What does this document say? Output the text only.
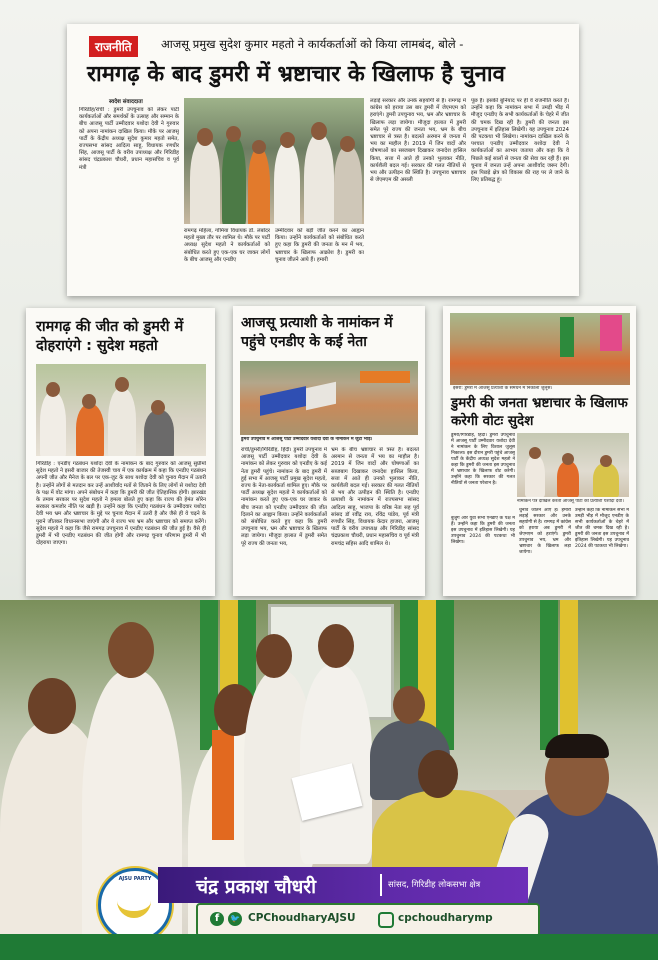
राजनीति	आजसू प्रमुख सुदेश कुमार महतो ने कार्यकर्ताओं को किया लामबंद, बोले -
रामगढ़ के बाद डुमरी में भ्रष्टाचार के खिलाफ है चुनाव
स्वदेश संवाददाता
गिरिडीह/रांची : डुमरी उपचुनाव को लेकर पार्टी कार्यकर्ताओं और समर्थकों के उत्साह और सम्मान के बीच आजसू पार्टी उम्मीदवार यशोदा देवी ने गुरुवार को अपना नामांकन दाखिल किया। मौके पर आजसू पार्टी के केंद्रीय अध्यक्ष सुदेश कुमार महतो समेत, राज्यसभा सांसद आदित्य साहू, विधायक रणधीर सिंह, आजसू पार्टी के वरीय उपाध्यक्ष और गिरिडीह सांसद चंद्रप्रकाश चौधरी, प्रधान महासचिव व पूर्व मंत्री
रामगढ़ महिला, गोमिया विधायक डॉ. लंबोदर महतो मुख्य तौर पर शामिल थे। मौके पर पार्टी अध्यक्ष सुदेश महतो ने कार्यकर्ताओं को संबोधित करते हुए एक-एक घर जाकर लोगों के बीच आजसू और एनडीए
उम्मीदवार को बड़ी जीत करने का आह्वान किया। उन्होंने कार्यकर्ताओं को संबोधित करते हुए कहा कि डुमरी की जनता के मन में भय, भ्रष्टाचार के खिलाफ आक्रोश है। डुमरी का चुनाव जीतने आये हैं। हमारी
लड़ाई सरकार और उनके सहयोगी से है। रामगढ़ में कांग्रेस को हराया उस बार डुमरी में जेएमएम को हराएंगे। डुमरी उपचुनाव भय, भ्रम और भ्रष्टाचार के खिलाफ लड़ा जायेगा। मौजूदा हालात में डुमरी समेत पूरे राज्य की जनता भय, भ्रम के बीच भ्रष्टाचार से त्रस्त है। बदलते अरमान से जनता में भय का माहौल है। 2019 में जिन वादों और घोषणाओं का सब्जबाग दिखाकर जनादेश हासिल किया, सत्ता में आते ही उनको भुलाकर नीति, कार्यशैली बदल गई। सरकार की गलत नीतियों से भय और उत्पीड़न की स्थिति है। उपचुनाव भ्रष्टाचार से जेएमएम की असली
पूंछ है। इसकी बुनियाद पर ही वे राजनीति करते हैं। उन्होंने कहा कि नामांकन सभा में उमड़ी भीड़ में मौजूद एनडीए के सभी कार्यकर्ताओं के चेहरे में जीत की चमक दिख रही है। डुमरी की जनता इस उपचुनाव में इतिहास लिखेगी। यह उपचुनाव 2024 की पटकथा भी लिखेगा। नामांकन दाखिल करने के पश्चात एनडीए उम्मीदवार यशोदा देवी ने कार्यकर्ताओं का आभार जताया और कहा कि वे पिछले कई सालों से जनता की सेवा कर रही हैं। इस चुनाव में जनता उन्हें अपना आशीर्वाद जरूर देगी। इस पिछड़े क्षेत्र को विकास की राह पर ले जाने के लिए प्रतिबद्ध हूं।
रामगढ़ की जीत को डुमरी में दोहराएंगे : सुदेश महतो
गिरिडीह : एनडीए गठबंधन यशोदा देवी के नामांकन के बाद गुरुवार को आजसू सुप्रीमो सुदेश महतो ने इसरी बाजार की तेजस्वी चाय में एक कार्यक्रम में कहा कि एनडीए गठबंधन अपनी जीत और मैनेज के बल पर एक-जुट के साथ यशोदा देवी को चुनाव मैदान में उतारी है। उन्होंने लोगों से मतदान कर उन्हें आशीर्वाद मतों से जिताने के लिए लोगों से यशोदा देवी के पक्ष में वोट मांगा। अपने संबोधन में कहा कि डुमरी की जीत ऐतिहासिक होगी। झारखंड के तमाम सरकार पर सुदेश महतो ने हमला बोलते हुए कहा कि राज्य की हेमंत सोरेन सरकार कमजोर नीति पर खड़ी है। उन्होंने कहा कि एनडीए गठबंधन के उम्मीदवार यशोदा देवी भय भ्रम और भ्रष्टाचार के मुद्दे पर चुनाव मैदान में उतरी है और जैसे ही वे चढ़ने के पुराने जीतकर विधानसभा जाएंगी और ये राज्य भय भ्रम और भ्रष्टाचार को समाप्त करेंगे। सुदेश महतो ने कहा कि जैसे रामगढ़ उपचुनाव में एनडीए गठबंधन की जीत हुई है। वैसे ही डुमरी में भी एनडीए गठबंधन की जीत होगी और रामगढ़ चुनाव परिणाम डुमरी में भी दोहराया जाएगा।
आजसू प्रत्याशी के नामांकन में पहुंचे एनडीए के कई नेता
डुमरी उपचुनाव में आजसू पार्टी उम्मीदवार यशोदा देवी के नामांकन में जुटी भीड़।
रांची/डुमरी/गिरिडीह, हिंदी। डुमरी उपचुनाव में आजसू पार्टी उम्मीदवार यशोदा देवी के नामांकन को लेकर गुरुवार को एनडीए के कई नेता डुमरी पहुंचे। नामांकन के बाद डुमरी में हुई सभा में आजसू पार्टी प्रमुख सुदेश महतो, राज्य के नेता-कार्यकर्ता शामिल हुए। मौके पर पार्टी अध्यक्ष सुदेश महतो ने कार्यकर्ताओं को नामांकन करते हुए एक-एक घर जाकर के बीच जनता को एनडीए उम्मीदवार की जीत दिलाने का आह्वान किया। उन्होंने कार्यकर्ताओं को संबोधित करते हुए कहा कि डुमरी उपचुनाव भय, भ्रम और भ्रष्टाचार के खिलाफ लड़ा जायेगा। मौजूदा हालात में डुमरी समेत पूरे राज्य की जनता भय,
भ्रम के बीच भ्रष्टाचार से त्रस्त है। बदलते अरमान से जनता में भय का माहौल है। 2019 में जिन वादों और घोषणाओं का सब्जबाग दिखाकर जनादेश हासिल किया, सत्ता में आते ही उनको भुलाकर नीति, कार्यशैली बदल गई। सरकार की गलत नीतियों से भय और उत्पीड़न की स्थिति है। एनडीए प्रत्याशी के नामांकन में राज्यसभा सांसद आदित्य साहू, भाजपा के वरिष्ठ नेता सह पूर्व सांसद डॉ रवींद्र राय, रविंद्र पांडेय, पूर्व मंत्री रणधीर सिंह, विधायक केदार हाजरा, आजसू पार्टी के वरीय उपाध्यक्ष और गिरिडीह सांसद चंद्रप्रकाश चौधरी, प्रधान महासचिव व पूर्व मंत्री रामचंद्र सहिस आदि शामिल थे।
इसरी: डुमरी में आजसू प्रत्याशी के समर्थन में निकाला जुलूस।
डुमरी की जनता भ्रष्टाचार के खिलाफ करेगी वोटः सुदेश
डुमरी/गिरिडीह, हिंदी। डुमरी उपचुनाव में आजसू पार्टी उम्मीदवार यशोदा देवी ने नामांकन के लिए विशाल जुलूस निकाला। इस दौरान डुमरी पहुंचे आजसू पार्टी के केंद्रीय अध्यक्ष सुदेश महतो ने कहा कि डुमरी की जनता इस उपचुनाव में भ्रष्टाचार के खिलाफ वोट करेगी। उन्होंने कहा कि सरकार की गलत नीतियों से जनता परेशान है।
नामांकन पत्र दाखिल करती आजसू पार्टी की प्रत्याशी यशोदा देवी।
बुजुर्ग और युवा सभी एनडीए के पक्ष में हैं। उन्होंने कहा कि डुमरी की जनता इस उपचुनाव में इतिहास लिखेगी। यह उपचुनाव 2024 की पटकथा भी लिखेगा।
चुनाव जीतने आए हैं। हमारी लड़ाई सरकार और उनके सहयोगी से है। रामगढ़ में कांग्रेस को हराया अब डुमरी में जेएमएम को हराएंगे। डुमरी उपचुनाव भय, भ्रम और भ्रष्टाचार के खिलाफ लड़ा जायेगा।
उन्होंने कहा कि नामांकन सभा में उमड़ी भीड़ में मौजूद एनडीए के सभी कार्यकर्ताओं के चेहरे में जीत की चमक दिख रही है। डुमरी की जनता इस उपचुनाव में इतिहास लिखेगी। यह उपचुनाव 2024 की पटकथा भी लिखेगा।
AJSU PARTY	चंद्र प्रकाश चौधरी	सांसद, गिरिडीह लोकसभा क्षेत्र
f	🐦 CPChoudharyAJSU	cpchoudharymp
